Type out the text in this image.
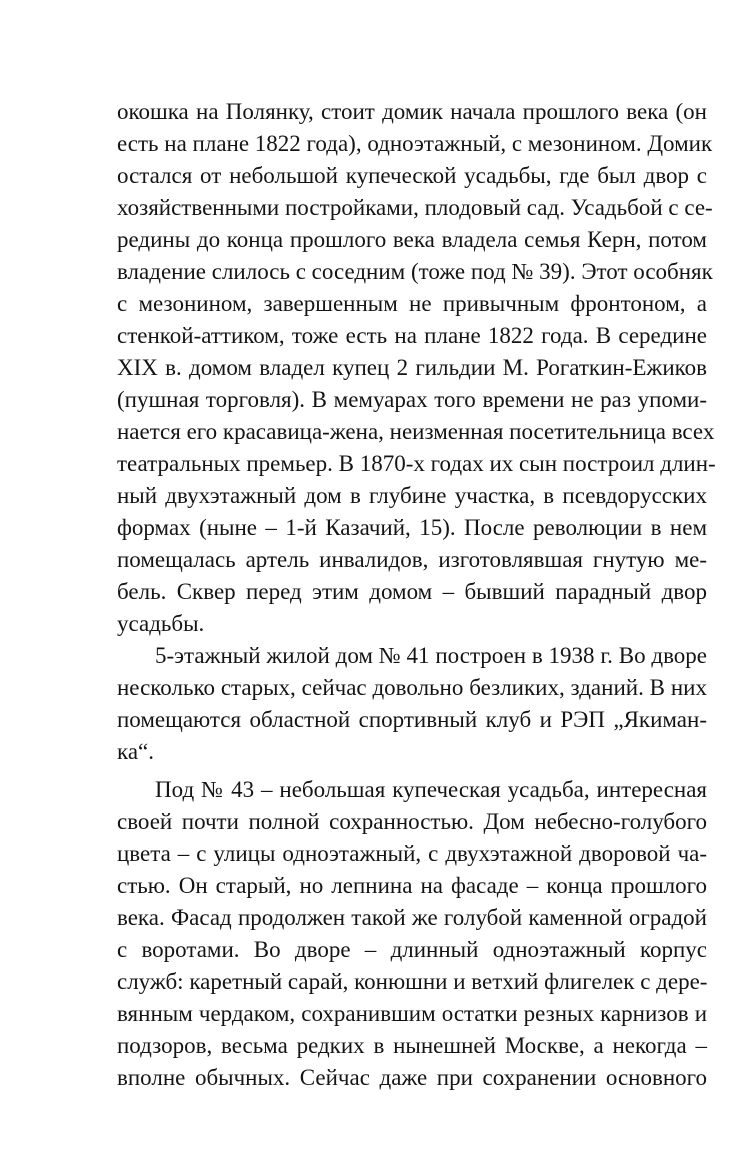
окошка на Полянку, стоит домик начала прошлого века (он
есть на плане 1822 года), одноэтажный, с мезонином. Домик
остался от небольшой купеческой усадьбы, где был двор с
хозяйственными постройками, плодовый сад. Усадьбой с се-
редины до конца прошлого века владела семья Керн, потом
владение слилось с соседним (тоже под № 39). Этот особняк
с мезонином, завершенным не привычным фронтоном, а
стенкой-аттиком, тоже есть на плане 1822 года. В середине
XIX в. домом владел купец 2 гильдии М. Рогаткин-Ежиков
(пушная торговля). В мемуарах того времени не раз упоми-
нается его красавица-жена, неизменная посетительница всех
театральных премьер. В 1870-х годах их сын построил длин-
ный двухэтажный дом в глубине участка, в псевдорусских
формах (ныне – 1-й Казачий, 15). После революции в нем
помещалась артель инвалидов, изготовлявшая гнутую ме-
бель. Сквер перед этим домом – бывший парадный двор
усадьбы.
5-этажный жилой дом № 41 построен в 1938 г. Во дворе
несколько старых, сейчас довольно безликих, зданий. В них
помещаются областной спортивный клуб и РЭП „Якиман-
ка“.
Под № 43 – небольшая купеческая усадьба, интересная
своей почти полной сохранностью. Дом небесно-голубого
цвета – с улицы одноэтажный, с двухэтажной дворовой ча-
стью. Он старый, но лепнина на фасаде – конца прошлого
века. Фасад продолжен такой же голубой каменной оградой
с воротами. Во дворе – длинный одноэтажный корпус
служб: каретный сарай, конюшни и ветхий флигелек с дере-
вянным чердаком, сохранившим остатки резных карнизов и
подзоров, весьма редких в нынешней Москве, а некогда –
вполне обычных. Сейчас даже при сохранении основного
